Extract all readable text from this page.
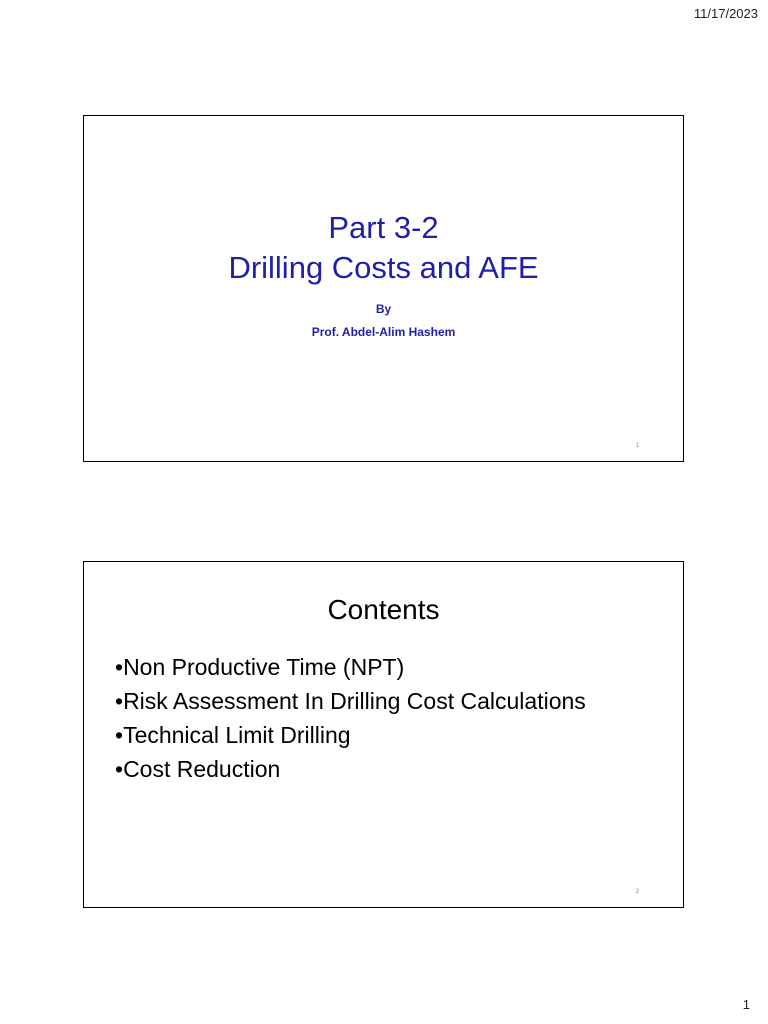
11/17/2023
Part 3-2
Drilling Costs and AFE
By
Prof. Abdel-Alim Hashem
1
Contents
•Non Productive Time (NPT)
•Risk Assessment In Drilling Cost Calculations
•Technical Limit Drilling
•Cost Reduction
2
1
